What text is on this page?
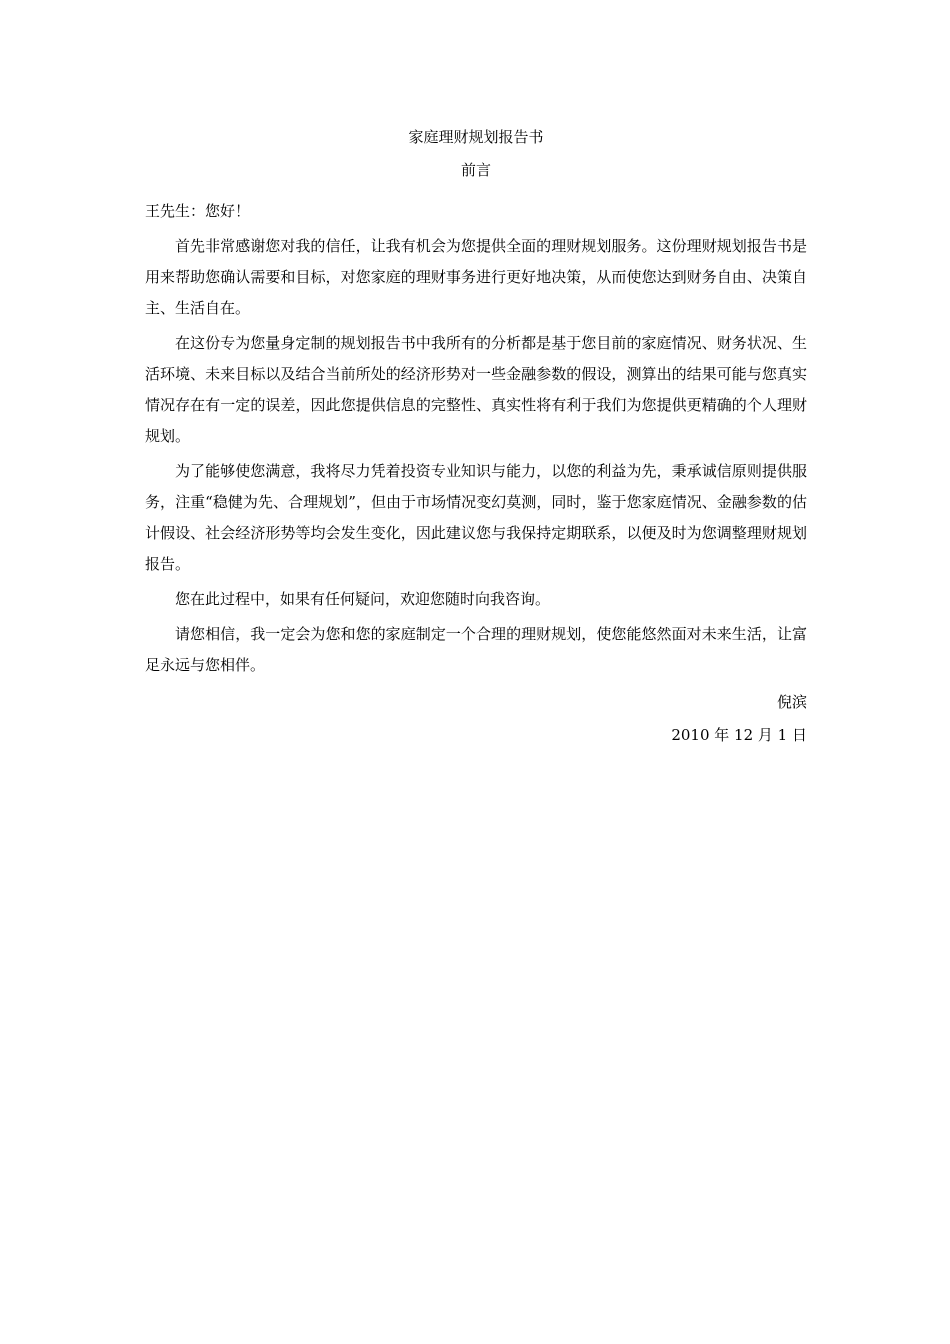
家庭理财规划报告书
前言

王先生：您好！

首先非常感谢您对我的信任，让我有机会为您提供全面的理财规划服务。这份理财规划报告书是用来帮助您确认需要和目标，对您家庭的理财事务进行更好地决策，从而使您达到财务自由、决策自主、生活自在。

在这份专为您量身定制的规划报告书中我所有的分析都是基于您目前的家庭情况、财务状况、生活环境、未来目标以及结合当前所处的经济形势对一些金融参数的假设，测算出的结果可能与您真实情况存在有一定的误差，因此您提供信息的完整性、真实性将有利于我们为您提供更精确的个人理财规划。

为了能够使您满意，我将尽力凭着投资专业知识与能力，以您的利益为先，秉承诚信原则提供服务，注重“稳健为先、合理规划”，但由于市场情况变幻莫测，同时，鉴于您家庭情况、金融参数的估计假设、社会经济形势等均会发生变化，因此建议您与我保持定期联系，以便及时为您调整理财规划报告。

您在此过程中，如果有任何疑问，欢迎您随时向我咨询。

请您相信，我一定会为您和您的家庭制定一个合理的理财规划，使您能悠然面对未来生活，让富足永远与您相伴。

倪滨

2010 年 12 月 1 日
